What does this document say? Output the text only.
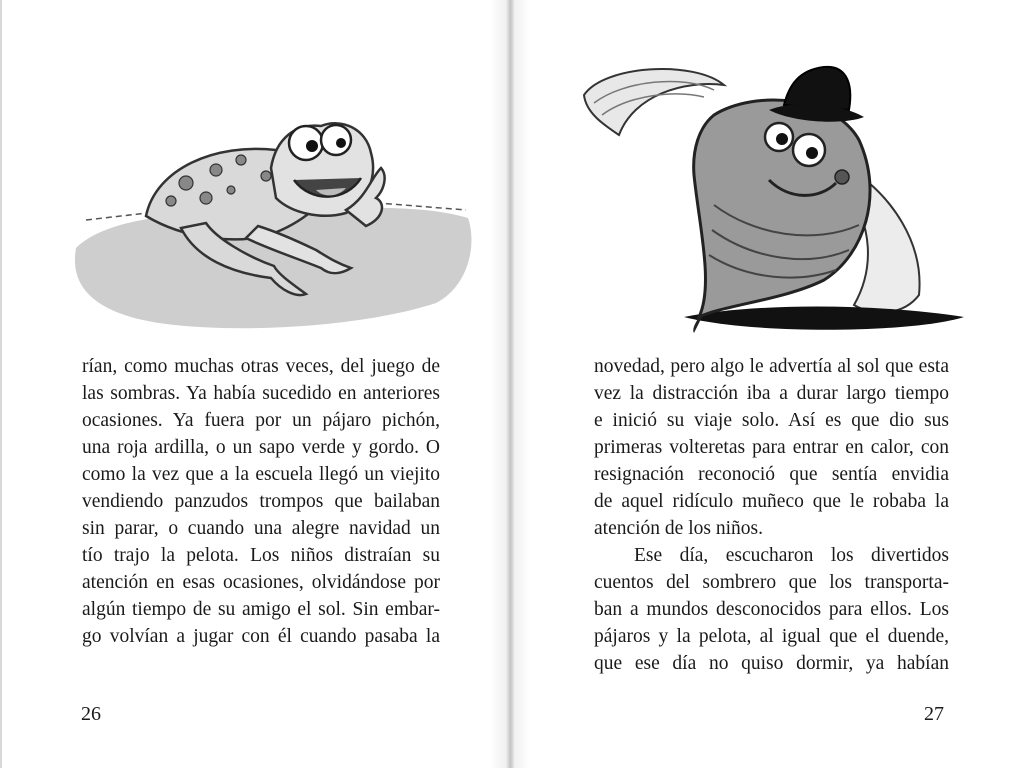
rían, como muchas otras veces, del juego de
las sombras. Ya había sucedido en anteriores
ocasiones. Ya fuera por un pájaro pichón,
una roja ardilla, o un sapo verde y gordo. O
como la vez que a la escuela llegó un viejito
vendiendo panzudos trompos que bailaban
sin parar, o cuando una alegre navidad un
tío trajo la pelota. Los niños distraían su
atención en esas ocasiones, olvidándose por
algún tiempo de su amigo el sol. Sin embar-
go volvían a jugar con él cuando pasaba la

26

novedad, pero algo le advertía al sol que esta
vez la distracción iba a durar largo tiempo
e inició su viaje solo. Así es que dio sus
primeras volteretas para entrar en calor, con
resignación reconoció que sentía envidia
de aquel ridículo muñeco que le robaba la
atención de los niños.

Ese día, escucharon los divertidos
cuentos del sombrero que los transporta-
ban a mundos desconocidos para ellos. Los
pájaros y la pelota, al igual que el duende,
que ese día no quiso dormir, ya habían

27
